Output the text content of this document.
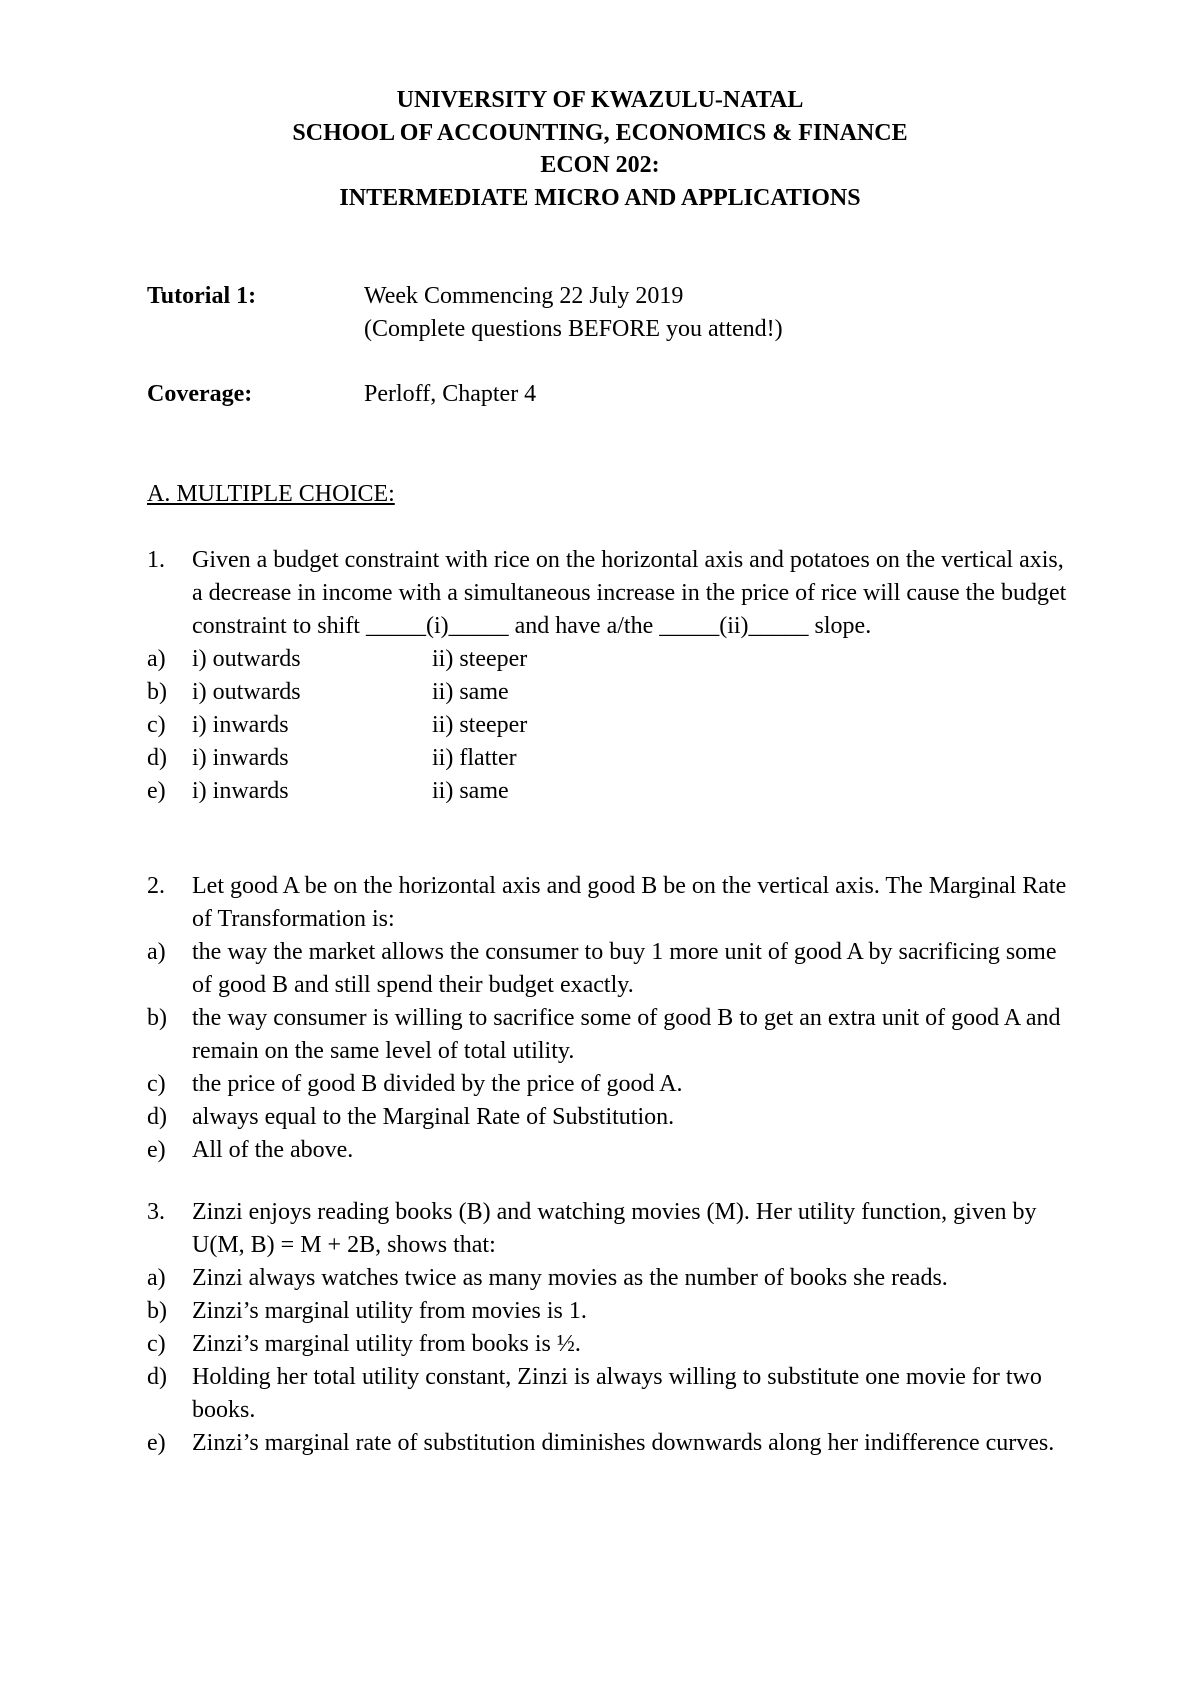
UNIVERSITY OF KWAZULU-NATAL
SCHOOL OF ACCOUNTING, ECONOMICS & FINANCE
ECON 202:
INTERMEDIATE MICRO AND APPLICATIONS
Tutorial 1:	Week Commencing 22 July 2019
(Complete questions BEFORE you attend!)
Coverage:	Perloff, Chapter 4
A. MULTIPLE CHOICE:
1. Given a budget constraint with rice on the horizontal axis and potatoes on the vertical axis, a decrease in income with a simultaneous increase in the price of rice will cause the budget constraint to shift _____(i)_____ and have a/the _____(ii)_____ slope.
a) i) outwards	ii) steeper
b) i) outwards	ii) same
c) i) inwards	ii) steeper
d) i) inwards	ii) flatter
e) i) inwards	ii) same
2. Let good A be on the horizontal axis and good B be on the vertical axis. The Marginal Rate of Transformation is:
a) the way the market allows the consumer to buy 1 more unit of good A by sacrificing some of good B and still spend their budget exactly.
b) the way consumer is willing to sacrifice some of good B to get an extra unit of good A and remain on the same level of total utility.
c) the price of good B divided by the price of good A.
d) always equal to the Marginal Rate of Substitution.
e) All of the above.
3. Zinzi enjoys reading books (B) and watching movies (M). Her utility function, given by U(M, B) = M + 2B, shows that:
a) Zinzi always watches twice as many movies as the number of books she reads.
b) Zinzi’s marginal utility from movies is 1.
c) Zinzi’s marginal utility from books is ½.
d) Holding her total utility constant, Zinzi is always willing to substitute one movie for two books.
e) Zinzi’s marginal rate of substitution diminishes downwards along her indifference curves.
